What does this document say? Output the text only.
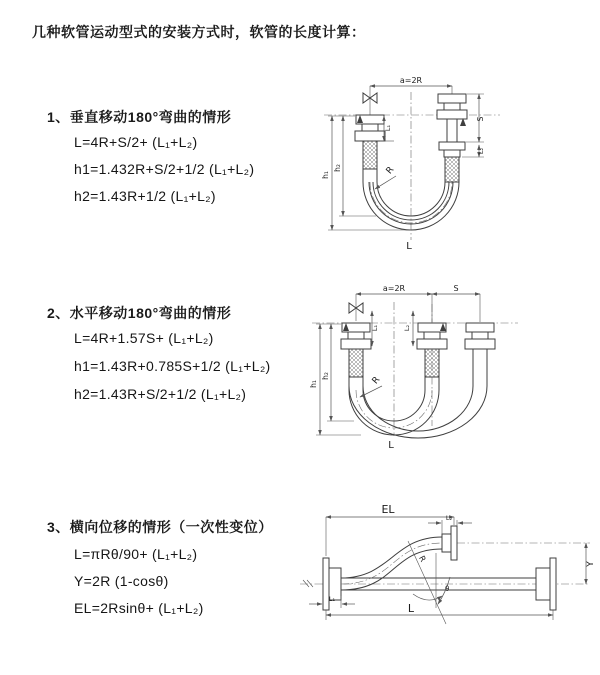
几种软管运动型式的安装方式时，软管的长度计算：
1、垂直移动180°弯曲的情形
L=4R+S/2+ (L₁+L₂)
h1=1.432R+S/2+1/2 (L₁+L₂)
h2=1.43R+1/2 (L₁+L₂)
2、水平移动180°弯曲的情形
L=4R+1.57S+ (L₁+L₂)
h1=1.43R+0.785S+1/2 (L₁+L₂)
h2=1.43R+S/2+1/2 (L₁+L₂)
3、横向位移的情形（一次性变位）
L=πRθ/90+ (L₁+L₂)
Y=2R (1-cosθ)
EL=2Rsinθ+ (L₁+L₂)
a=2R
h₁
h₂
L₁
S
L₂
R
L
a=2R	S
h₁
h₂
L₁	L₂
R
L
EL
L₂
Y
R
θ
L₁
L
